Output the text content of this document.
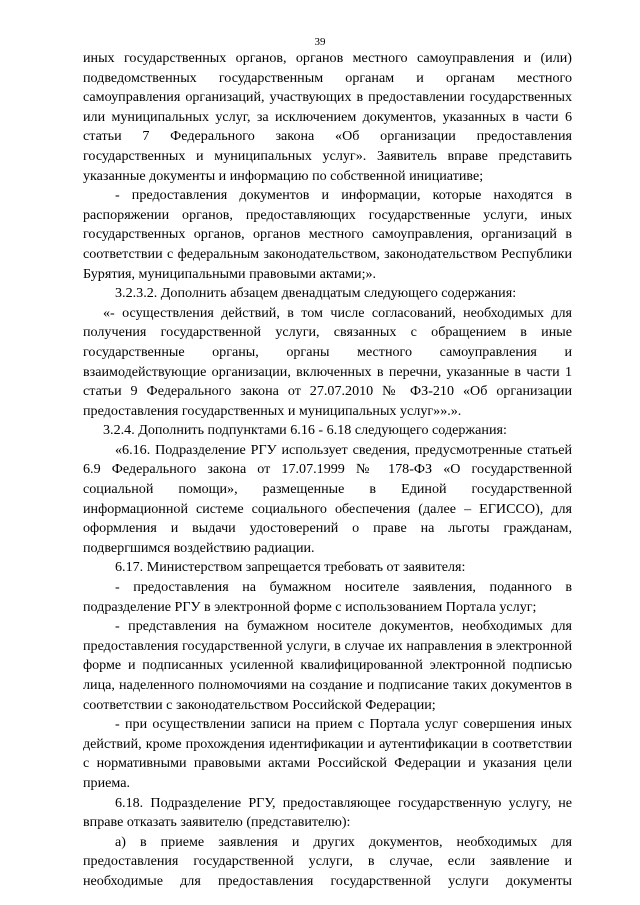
39

иных государственных органов, органов местного самоуправления и (или) подведомственных государственным органам и органам местного самоуправления организаций, участвующих в предоставлении государственных или муниципальных услуг, за исключением документов, указанных в части 6 статьи 7 Федерального закона «Об организации предоставления государственных и муниципальных услуг». Заявитель вправе представить указанные документы и информацию по собственной инициативе;

- предоставления документов и информации, которые находятся в распоряжении органов, предоставляющих государственные услуги, иных государственных органов, органов местного самоуправления, организаций в соответствии с федеральным законодательством, законодательством Республики Бурятия, муниципальными правовыми актами;».

3.2.3.2. Дополнить абзацем двенадцатым следующего содержания:

«- осуществления действий, в том числе согласований, необходимых для получения государственной услуги, связанных с обращением в иные государственные органы, органы местного самоуправления и взаимодействующие организации, включенных в перечни, указанные в части 1 статьи 9 Федерального закона от 27.07.2010 № ФЗ-210 «Об организации предоставления государственных и муниципальных услуг»».».

3.2.4. Дополнить подпунктами 6.16 - 6.18 следующего содержания:

«6.16. Подразделение РГУ использует сведения, предусмотренные статьей 6.9 Федерального закона от 17.07.1999 № 178-ФЗ «О государственной социальной помощи», размещенные в Единой государственной информационной системе социального обеспечения (далее – ЕГИССО), для оформления и выдачи удостоверений о праве на льготы гражданам, подвергшимся воздействию радиации.

6.17. Министерством запрещается требовать от заявителя:

- предоставления на бумажном носителе заявления, поданного в подразделение РГУ в электронной форме с использованием Портала услуг;

- представления на бумажном носителе документов, необходимых для предоставления государственной услуги, в случае их направления в электронной форме и подписанных усиленной квалифицированной электронной подписью лица, наделенного полномочиями на создание и подписание таких документов в соответствии с законодательством Российской Федерации;

- при осуществлении записи на прием с Портала услуг совершения иных действий, кроме прохождения идентификации и аутентификации в соответствии с нормативными правовыми актами Российской Федерации и указания цели приема.

6.18. Подразделение РГУ, предоставляющее государственную услугу, не вправе отказать заявителю (представителю):

а) в приеме заявления и других документов, необходимых для предоставления государственной услуги, в случае, если заявление и необходимые для предоставления государственной услуги документы
